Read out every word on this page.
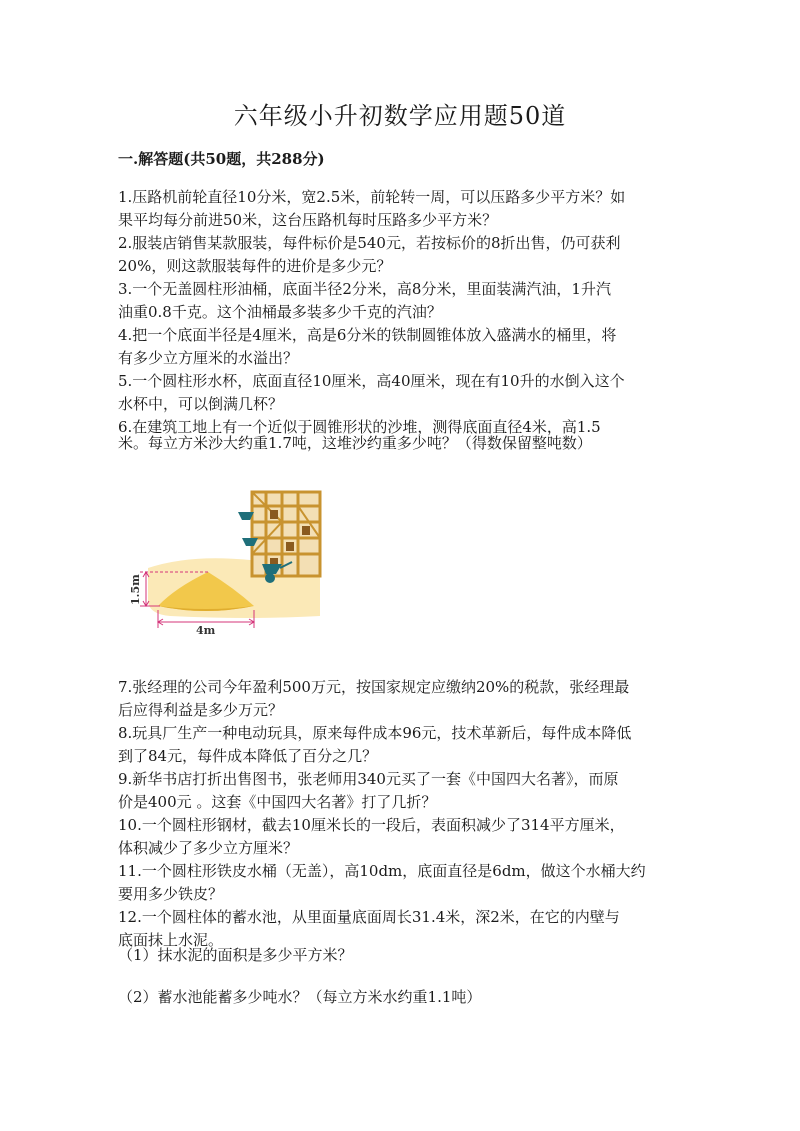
六年级小升初数学应用题50道
一.解答题(共50题，共288分)
1.压路机前轮直径10分米，宽2.5米，前轮转一周，可以压路多少平方米？如
果平均每分前进50米，这台压路机每时压路多少平方米？
2.服装店销售某款服装，每件标价是540元，若按标价的8折出售，仍可获利
20%，则这款服装每件的进价是多少元？
3.一个无盖圆柱形油桶，底面半径2分米，高8分米，里面装满汽油，1升汽
油重0.8千克。这个油桶最多装多少千克的汽油？
4.把一个底面半径是4厘米，高是6分米的铁制圆锥体放入盛满水的桶里，将
有多少立方厘米的水溢出？
5.一个圆柱形水杯，底面直径10厘米，高40厘米，现在有10升的水倒入这个
水杯中，可以倒满几杯？
6.在建筑工地上有一个近似于圆锥形状的沙堆，测得底面直径4米，高1.5
米。每立方米沙大约重1.7吨，这堆沙约重多少吨？（得数保留整吨数）
1.5m
4m
7.张经理的公司今年盈利500万元，按国家规定应缴纳20%的税款，张经理最
后应得利益是多少万元？
8.玩具厂生产一种电动玩具，原来每件成本96元，技术革新后，每件成本降低
到了84元，每件成本降低了百分之几？
9.新华书店打折出售图书，张老师用340元买了一套《中国四大名著》，而原
价是400元 。这套《中国四大名著》打了几折？
10.一个圆柱形钢材，截去10厘米长的一段后，表面积减少了314平方厘米，
体积减少了多少立方厘米？
11.一个圆柱形铁皮水桶（无盖），高10dm，底面直径是6dm，做这个水桶大约
要用多少铁皮？
12.一个圆柱体的蓄水池，从里面量底面周长31.4米，深2米，在它的内壁与
底面抹上水泥。
（1）抹水泥的面积是多少平方米？
（2）蓄水池能蓄多少吨水？（每立方米水约重1.1吨）
